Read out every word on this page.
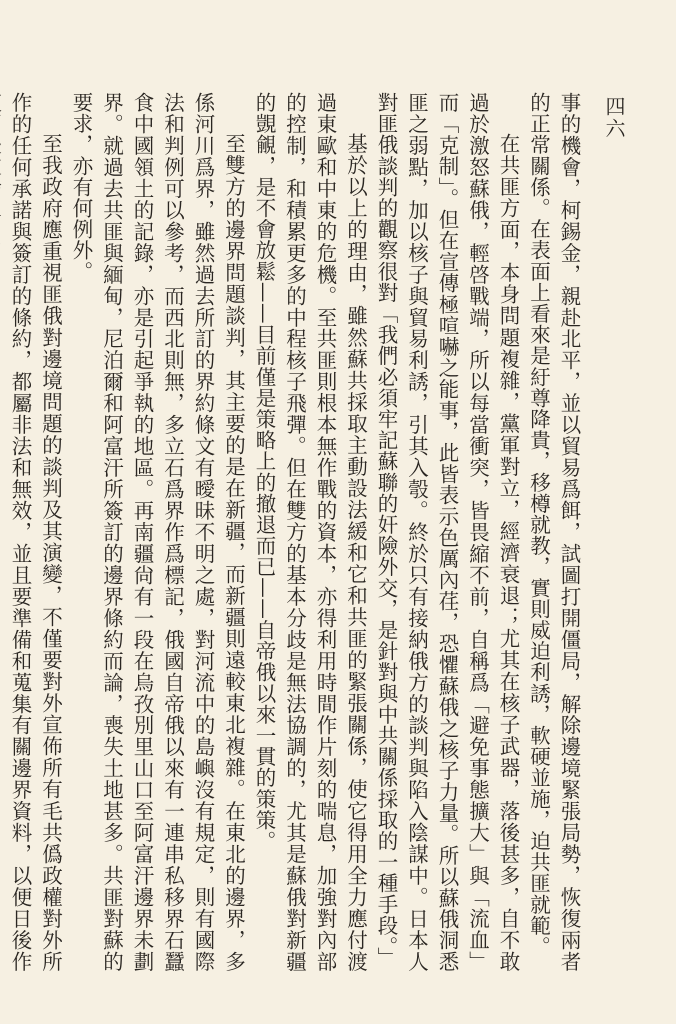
四六

事的機會，柯錫金，親赴北平，並以貿易爲餌，試圖打開僵局，解除邊境緊張局勢，恢復兩者的正常關係。在表面上看來是紆尊降貴，移樽就教，實則威迫利誘，軟硬並施，迫共匪就範。

在共匪方面，本身問題複雜，黨軍對立，經濟衰退；尤其在核子武器，落後甚多，自不敢過於激怒蘇俄，輕啓戰端，所以每當衝突，皆畏縮不前，自稱爲「避免事態擴大」與「流血」而「克制」。但在宣傳極喧嚇之能事，此皆表示色厲內荏，恐懼蘇俄之核子力量。所以蘇俄洞悉匪之弱點，加以核子與貿易利誘，引其入彀。終於只有接納俄方的談判與陷入陰謀中。日本人對匪俄談判的觀察很對「我們必須牢記蘇聯的奸險外交，是針對與中共關係採取的一種手段。」

基於以上的理由，雖然蘇共採取主動設法緩和它和共匪的緊張關係，使它得用全力應付渡過東歐和中東的危機。至共匪則根本無作戰的資本，亦得利用時間作片刻的喘息，加強對內部的控制，和積累更多的中程核子飛彈。但在雙方的基本分歧是無法協調的，尤其是蘇俄對新疆的覬覦，是不會放鬆——目前僅是策略上的撤退而已——自帝俄以來一貫的策策。

至雙方的邊界問題談判，其主要的是在新疆，而新疆則遠較東北複雜。在東北的邊界，多係河川爲界，雖然過去所訂的界約條文有曖昧不明之處，對河流中的島嶼沒有規定，則有國際法和判例可以參考，而西北則無，多立石爲界作爲標記，俄國自帝俄以來有一連串私移界石蠶食中國領土的記錄，亦是引起爭執的地區。再南疆尙有一段在烏孜別里山口至阿富汗邊界未劃界。就過去共匪與緬甸，尼泊爾和阿富汗所簽訂的邊界條約而論，喪失土地甚多。共匪對蘇的要求，亦有何例外。

至我政府應重視匪俄對邊境問題的談判及其演變，不僅要對外宣佈所有毛共僞政權對外所作的任何承諾與簽訂的條約，都屬非法和無效，並且要準備和蒐集有關邊界資料，以便日後作
